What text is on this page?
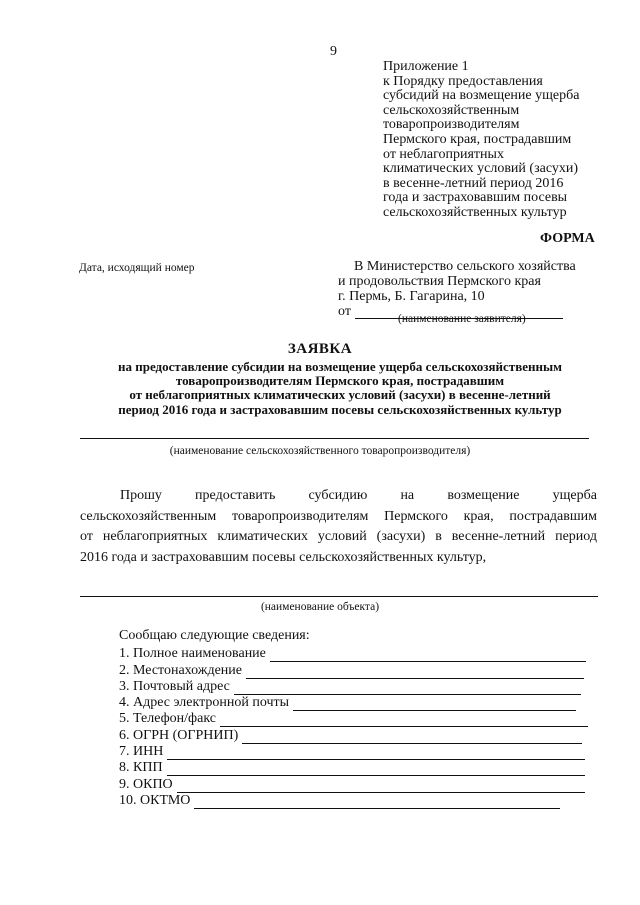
9
Приложение 1
к Порядку предоставления
субсидий на возмещение ущерба
сельскохозяйственным
товаропроизводителям
Пермского края, пострадавшим
от неблагоприятных
климатических условий (засухи)
в весенне-летний период 2016
года и застраховавшим посевы
сельскохозяйственных культур
ФОРМА
Дата, исходящий номер	В Министерство сельского хозяйства
и продовольствия Пермского края
г. Пермь, Б. Гагарина, 10
от	(наименование заявителя)
ЗАЯВКА
на предоставление субсидии на возмещение ущерба сельскохозяйственным
товаропроизводителям Пермского края, пострадавшим
от неблагоприятных климатических условий (засухи) в весенне-летний
период 2016 года и застраховавшим посевы сельскохозяйственных культур
(наименование сельскохозяйственного товаропроизводителя)
Прошу предоставить субсидию на возмещение ущерба
сельскохозяйственным товаропроизводителям Пермского края, пострадавшим
от неблагоприятных климатических условий (засухи) в весенне-летний период
2016 года и застраховавшим посевы сельскохозяйственных культур,
(наименование объекта)
Сообщаю следующие сведения:
1. Полное наименование
2. Местонахождение
3. Почтовый адрес
4. Адрес электронной почты
5. Телефон/факс
6. ОГРН (ОГРНИП)
7. ИНН
8. КПП
9. ОКПО
10. ОКТМО
